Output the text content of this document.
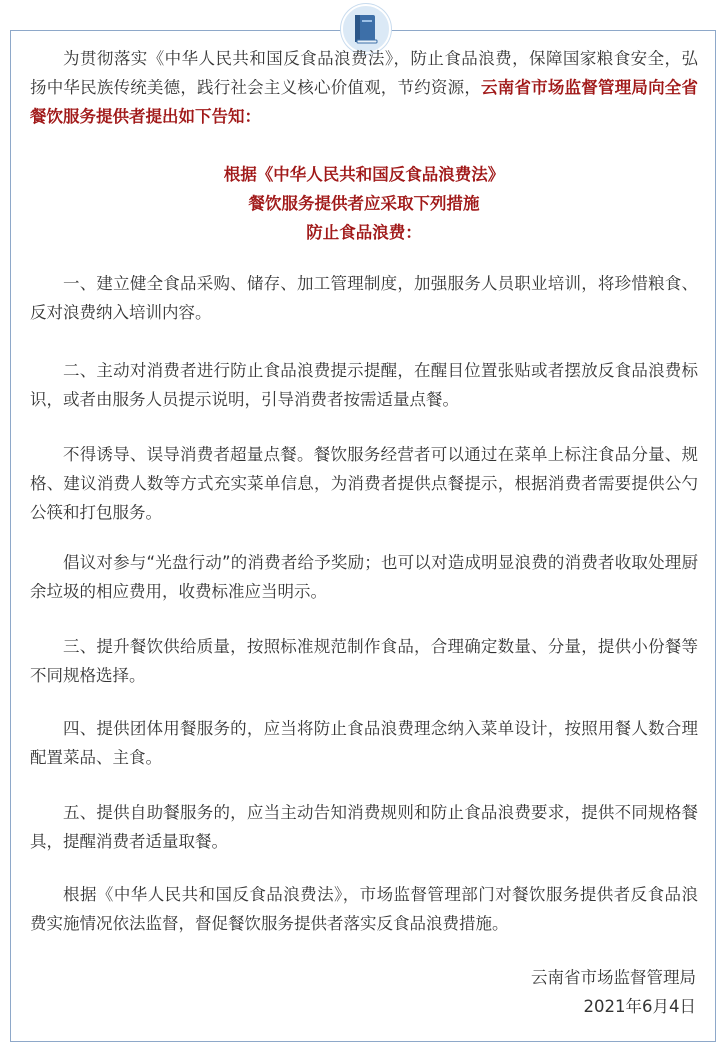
为贯彻落实《中华人民共和国反食品浪费法》，防止食品浪费，保障国家粮食安全，弘扬中华民族传统美德，践行社会主义核心价值观，节约资源，云南省市场监督管理局向全省餐饮服务提供者提出如下告知：

根据《中华人民共和国反食品浪费法》

餐饮服务提供者应采取下列措施

防止食品浪费：

一、建立健全食品采购、储存、加工管理制度，加强服务人员职业培训，将珍惜粮食、反对浪费纳入培训内容。

二、主动对消费者进行防止食品浪费提示提醒，在醒目位置张贴或者摆放反食品浪费标识，或者由服务人员提示说明，引导消费者按需适量点餐。

不得诱导、误导消费者超量点餐。餐饮服务经营者可以通过在菜单上标注食品分量、规格、建议消费人数等方式充实菜单信息，为消费者提供点餐提示，根据消费者需要提供公勺公筷和打包服务。

倡议对参与“光盘行动”的消费者给予奖励；也可以对造成明显浪费的消费者收取处理厨余垃圾的相应费用，收费标准应当明示。

三、提升餐饮供给质量，按照标准规范制作食品，合理确定数量、分量，提供小份餐等不同规格选择。

四、提供团体用餐服务的，应当将防止食品浪费理念纳入菜单设计，按照用餐人数合理配置菜品、主食。

五、提供自助餐服务的，应当主动告知消费规则和防止食品浪费要求，提供不同规格餐具，提醒消费者适量取餐。

根据《中华人民共和国反食品浪费法》，市场监督管理部门对餐饮服务提供者反食品浪费实施情况依法监督，督促餐饮服务提供者落实反食品浪费措施。

云南省市场监督管理局

2021年6月4日
